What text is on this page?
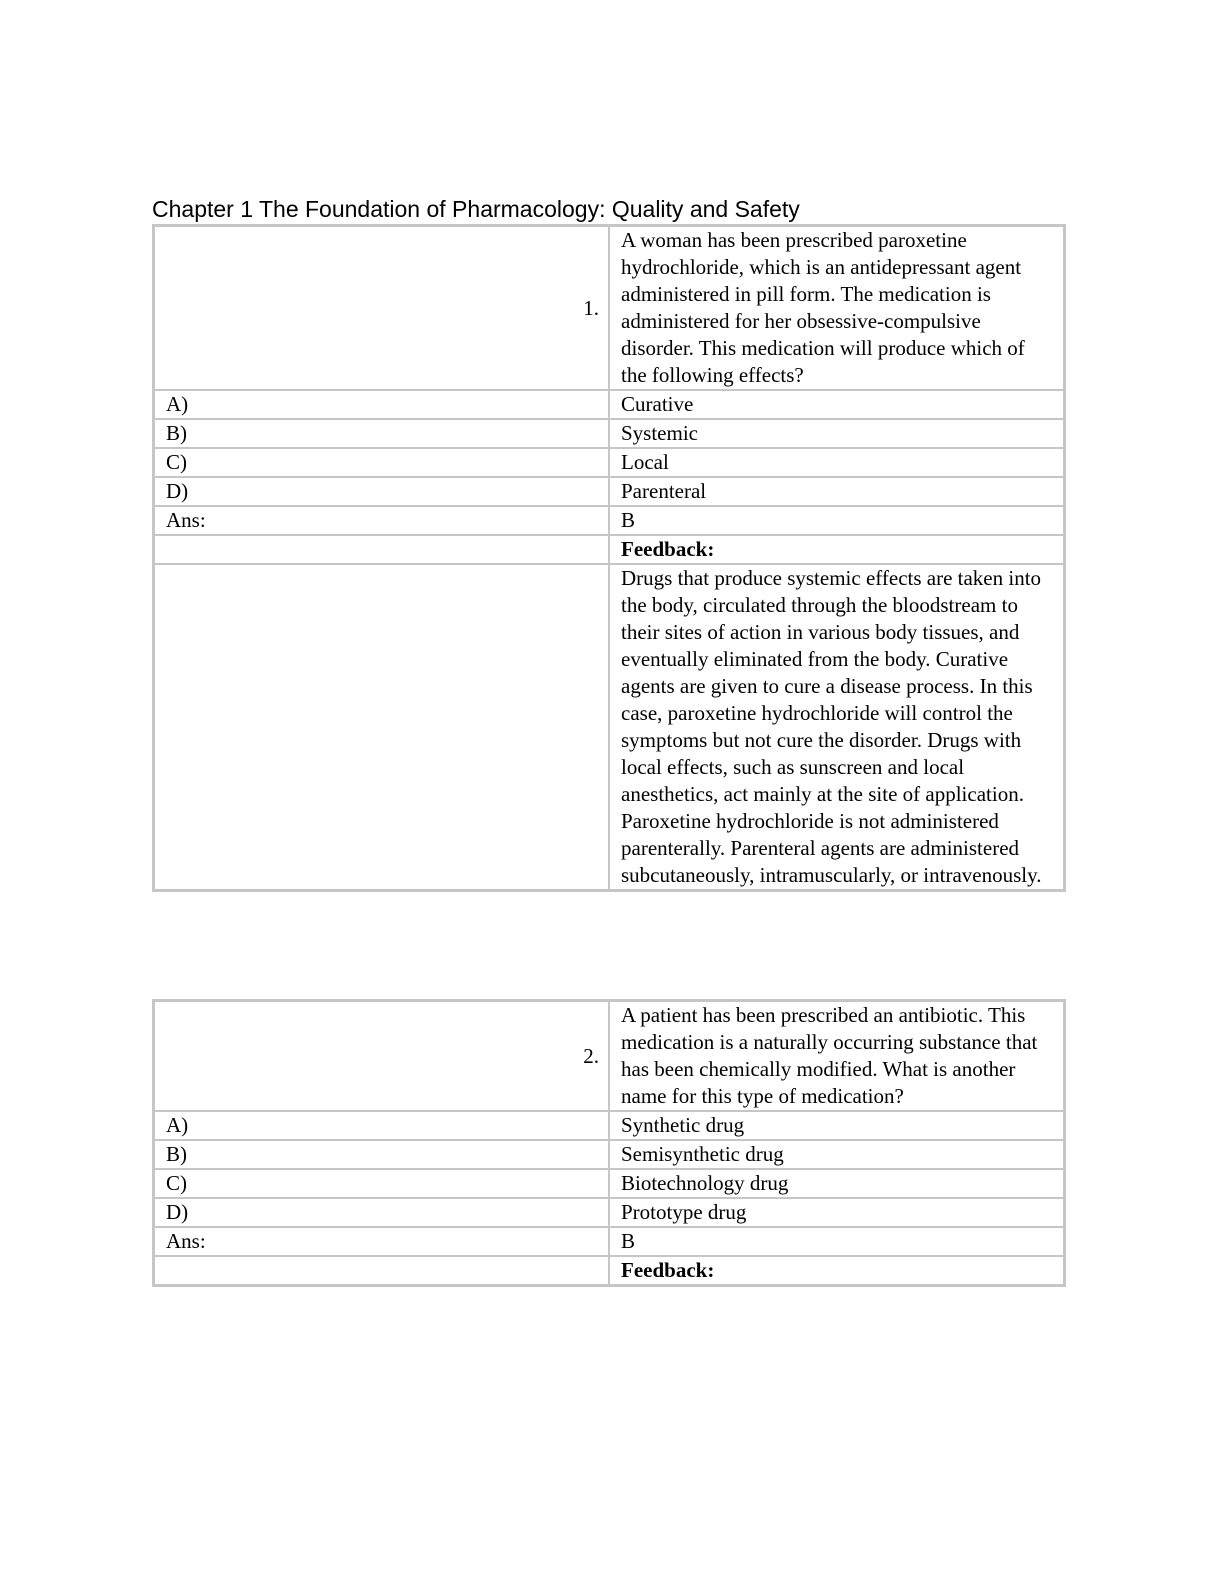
Chapter 1 The Foundation of Pharmacology: Quality and Safety
1.	A woman has been prescribed paroxetine hydrochloride, which is an antidepressant agent administered in pill form. The medication is administered for her obsessive-compulsive disorder. This medication will produce which of the following effects?
A)	Curative
B)	Systemic
C)	Local
D)	Parenteral
Ans:	B
	Feedback:
	Drugs that produce systemic effects are taken into the body, circulated through the bloodstream to their sites of action in various body tissues, and eventually eliminated from the body. Curative agents are given to cure a disease process. In this case, paroxetine hydrochloride will control the symptoms but not cure the disorder. Drugs with local effects, such as sunscreen and local anesthetics, act mainly at the site of application. Paroxetine hydrochloride is not administered parenterally. Parenteral agents are administered subcutaneously, intramuscularly, or intravenously.
2.	A patient has been prescribed an antibiotic. This medication is a naturally occurring substance that has been chemically modified. What is another name for this type of medication?
A)	Synthetic drug
B)	Semisynthetic drug
C)	Biotechnology drug
D)	Prototype drug
Ans:	B
	Feedback:
